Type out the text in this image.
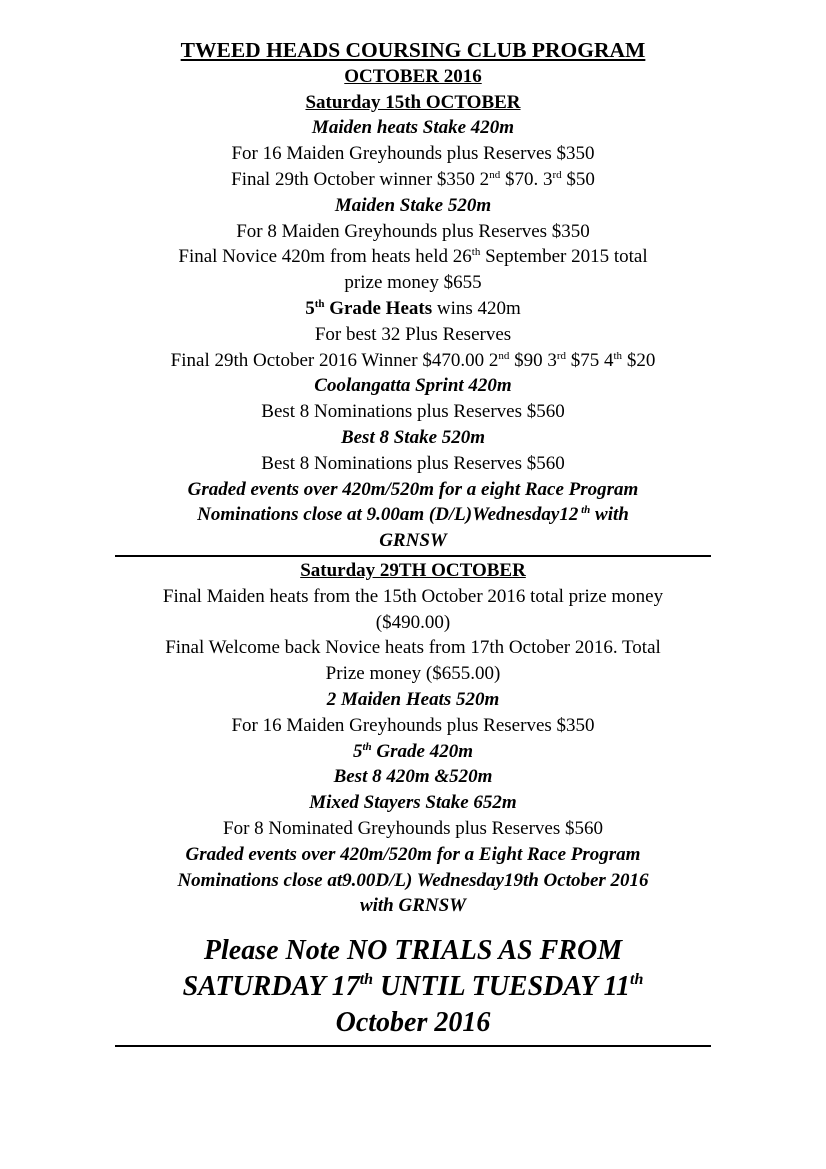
TWEED HEADS COURSING CLUB PROGRAM
OCTOBER 2016
Saturday 15th OCTOBER
Maiden heats Stake 420m
For 16 Maiden Greyhounds plus Reserves $350
Final 29th October winner $350 2nd $70. 3rd $50
Maiden Stake 520m
For 8 Maiden Greyhounds plus Reserves $350
Final Novice 420m from heats held 26th September 2015 total
prize money $655
5th Grade Heats wins 420m
For best 32 Plus Reserves
Final 29th October 2016 Winner $470.00 2nd $90 3rd $75 4th $20
Coolangatta Sprint 420m
Best 8 Nominations plus Reserves $560
Best 8 Stake 520m
Best 8 Nominations plus Reserves $560
Graded events over 420m/520m for a eight Race Program
Nominations close at 9.00am (D/L)Wednesday12 $^{th}$ with
GRNSW
Saturday 29TH OCTOBER
Final Maiden heats from the 15th October 2016 total prize money
($490.00)
Final Welcome back Novice heats from 17th October 2016. Total
Prize money ($655.00)
2 Maiden Heats 520m
For 16 Maiden Greyhounds plus Reserves $350
5th Grade 420m
Best 8 420m &520m
Mixed Stayers Stake 652m
For 8 Nominated Greyhounds plus Reserves $560
Graded events over 420m/520m for a Eight Race Program
Nominations close at9.00D/L) Wednesday19th October 2016
with GRNSW
Please Note NO TRIALS AS FROM
SATURDAY 17th UNTIL TUESDAY 11th
October 2016
